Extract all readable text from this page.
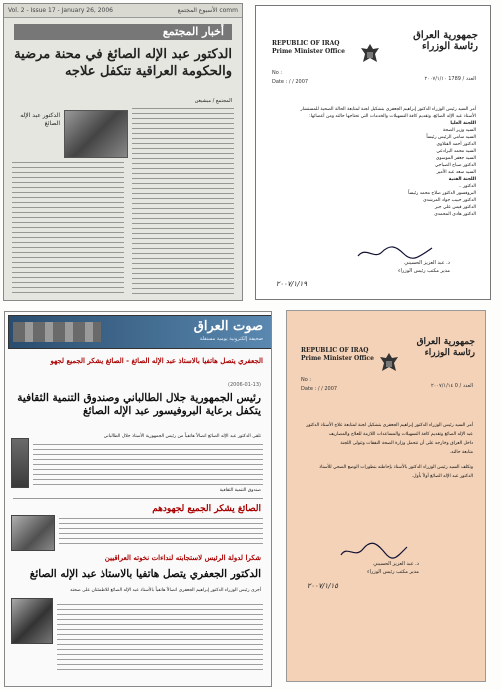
Vol. 2 - Issue 17 - January 26, 2006	الأسبوع المجتمع comm
أخبار المجتمع
الدكتور عبد الإله الصائغ في محنة مرضية والحكومة العراقية تتكفل علاجه
المجتمع / ميشيغن
الدكتور عبد الإله الصائغ
REPUBLIC OF IRAQ
Prime Minister Office
جمهورية العراق رئاسة الوزراء
No :
Date : / / 2007	العدد / 1789 ٢٠٠٧/١/١٠
أمر السيد رئيس الوزراء الدكتور إبراهيم الجعفري بتشكيل لجنة لمتابعة الحالة الصحية للمستشار
الأستاذ عبد الإله الصائغ، وتقديم كافة التسهيلات والخدمات التي تحتاجها حالته ومن أعضائها:
اللجنة العليا
السيد وزير الصحة
السيد سامي الرئيس رئيساً
الدكتور أحمد الفتلاوي
السيد محمد البرادعي
السيد جعفر الموسوي
الدكتور صباح الصباحي
السيد سعد عبد الأمير
اللجنة الفنية
الدكتور ..
البروفسور الدكتور صلاح محمد رئيساً
الدكتور حبيب جواد المرشدي
الدكتور قيس علي جبر
الدكتور هادي المحمدي
د. عبد العزيز الحسيني
مدير مكتب رئيس الوزراء
٢٠٠٧/١/١٩
صوت العراق
صحيفة إلكترونية يومية مستقلة
الجعفري يتصل هاتفيا بالاستاذ عبد الإله الصائغ - الصائغ يشكر الجميع لجهو
(2006-01-13)
رئيس الجمهورية جلال الطالباني وصندوق التنمية الثقافية يتكفل برعاية البروفيسور عبد الإله الصائغ
تلقى الدكتور عبد الإله الصائغ اتصالاً هاتفياً من رئيس الجمهورية الأستاذ جلال الطالباني
صندوق التنمية الثقافية
الصائغ يشكر الجميع لجهودهم
شكرا لدولة الرئيس لاستجابته لنداءات نخوته العراقيين
الدكتور الجعفري يتصل هاتفيا بالاستاذ عبد الإله الصائغ
أجرى رئيس الوزراء الدكتور إبراهيم الجعفري اتصالاً هاتفياً بالأستاذ عبد الإله الصائغ للاطمئنان على صحته
REPUBLIC OF IRAQ
Prime Minister Office
جمهورية العراق رئاسة الوزراء
No :
Date : / / 2007	العدد / 0 ٢٠٠٧/١/١٤
أمر السيد رئيس الوزراء الدكتور إبراهيم الجعفري بتشكيل لجنة لمتابعة علاج الأستاذ الدكتور
عبد الإله الصائغ وتقديم كافة التسهيلات والمساعدات اللازمة للعلاج والمصاريف
داخل العراق وخارجه على أن تتحمل وزارة الصحة النفقات وتتولى اللجنة
متابعة حالته.
وتكلف السيد رئيس الوزراء الدكتور بالأستاذ بإحاطته بتطورات الوضع الصحي للأستاذ
الدكتور عبد الإله الصائغ أولاً بأول.
د. عبد العزيز الحسيني
مدير مكتب رئيس الوزراء
٢٠٠٧/١/١٥
